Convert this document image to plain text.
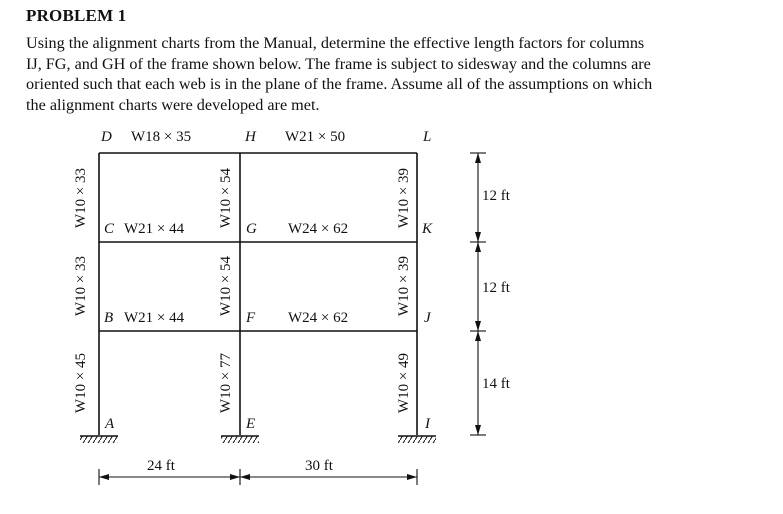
PROBLEM 1
Using the alignment charts from the Manual, determine the effective length factors for columns
IJ, FG, and GH of the frame shown below. The frame is subject to sidesway and the columns are
oriented such that each web is in the plane of the frame. Assume all of the assumptions on which
the alignment charts were developed are met.
D	H	L
C	G	K
B	F	J
A	E	I
W18 × 35	W21 × 50
W21 × 44	W24 × 62
W21 × 44	W24 × 62
W10 × 33
W10 × 33
W10 × 45
W10 × 54
W10 × 54
W10 × 77
W10 × 39
W10 × 39
W10 × 49
12 ft
12 ft
14 ft
24 ft	30 ft
